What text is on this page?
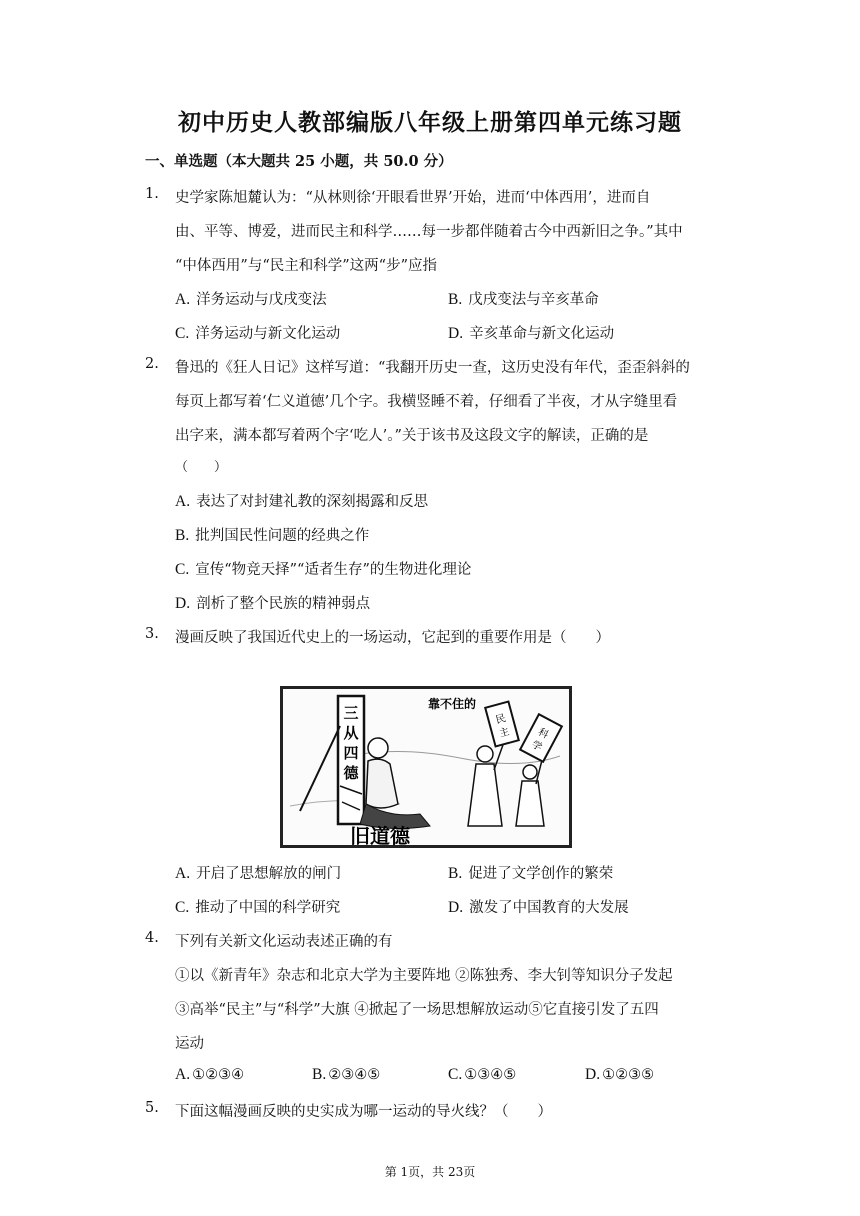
初中历史人教部编版八年级上册第四单元练习题
一、单选题（本大题共 25 小题，共 50.0 分）
1. 史学家陈旭麓认为：“从林则徐‘开眼看世界’开始，进而‘中体西用’，进而自
由、平等、博爱，进而民主和科学……每一步都伴随着古今中西新旧之争。”其中
“中体西用”与“民主和科学”这两“步”应指
A. 洋务运动与戊戌变法	B. 戊戌变法与辛亥革命
C. 洋务运动与新文化运动	D. 辛亥革命与新文化运动
2. 鲁迅的《狂人日记》这样写道：“我翻开历史一查，这历史没有年代，歪歪斜斜的
每页上都写着‘仁义道德’几个字。我横竖睡不着，仔细看了半夜，才从字缝里看
出字来，满本都写着两个字‘吃人’。”关于该书及这段文字的解读，正确的是
（　　）
A. 表达了对封建礼教的深刻揭露和反思
B. 批判国民性问题的经典之作
C. 宣传“物竞天择”“适者生存”的生物进化理论
D. 剖析了整个民族的精神弱点
3. 漫画反映了我国近代史上的一场运动，它起到的重要作用是（　　）
三
从
四
德
靠不住的
民
主	科
学
旧道德
A. 开启了思想解放的闸门	B. 促进了文学创作的繁荣
C. 推动了中国的科学研究	D. 激发了中国教育的大发展
4. 下列有关新文化运动表述正确的有
①以《新青年》杂志和北京大学为主要阵地 ②陈独秀、李大钊等知识分子发起
③高举“民主”与“科学”大旗 ④掀起了一场思想解放运动⑤它直接引发了五四
运动
A. ①②③④	B. ②③④⑤	C. ①③④⑤	D. ①②③⑤
5. 下面这幅漫画反映的史实成为哪一运动的导火线？（　　）
第 1页，共 23页
